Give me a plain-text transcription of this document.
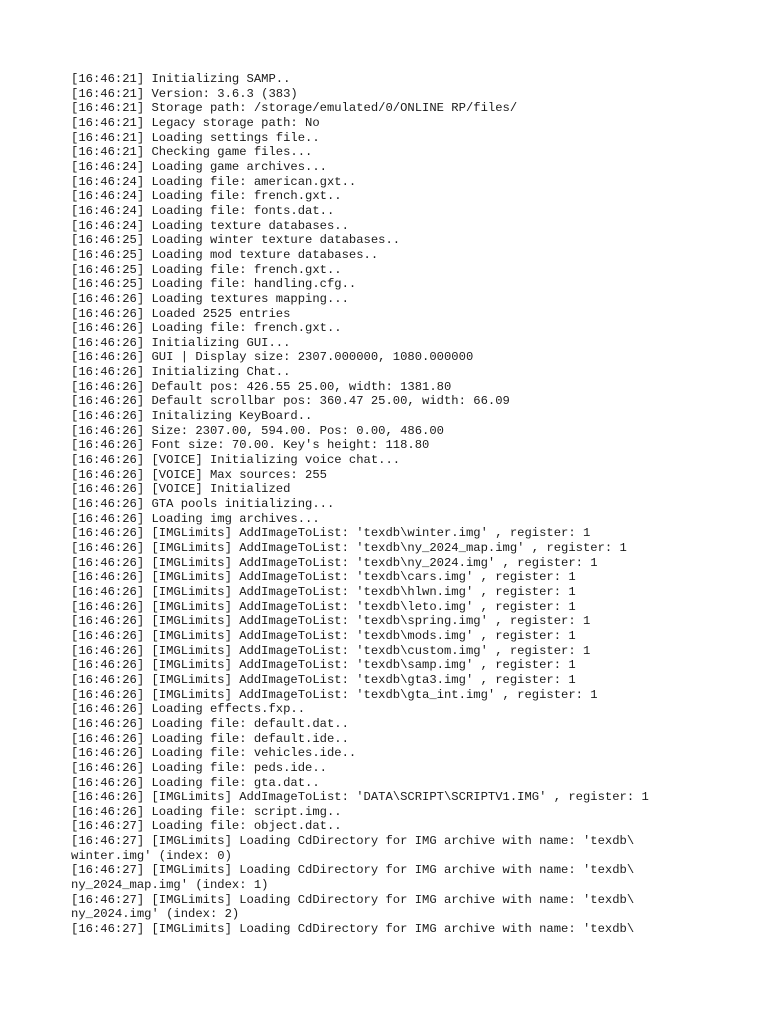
[16:46:21] Initializing SAMP..
[16:46:21] Version: 3.6.3 (383)
[16:46:21] Storage path: /storage/emulated/0/ONLINE RP/files/
[16:46:21] Legacy storage path: No
[16:46:21] Loading settings file..
[16:46:21] Checking game files...
[16:46:24] Loading game archives...
[16:46:24] Loading file: american.gxt..
[16:46:24] Loading file: french.gxt..
[16:46:24] Loading file: fonts.dat..
[16:46:24] Loading texture databases..
[16:46:25] Loading winter texture databases..
[16:46:25] Loading mod texture databases..
[16:46:25] Loading file: french.gxt..
[16:46:25] Loading file: handling.cfg..
[16:46:26] Loading textures mapping...
[16:46:26] Loaded 2525 entries
[16:46:26] Loading file: french.gxt..
[16:46:26] Initializing GUI...
[16:46:26] GUI | Display size: 2307.000000, 1080.000000
[16:46:26] Initializing Chat..
[16:46:26] Default pos: 426.55 25.00, width: 1381.80
[16:46:26] Default scrollbar pos: 360.47 25.00, width: 66.09
[16:46:26] Initalizing KeyBoard..
[16:46:26] Size: 2307.00, 594.00. Pos: 0.00, 486.00
[16:46:26] Font size: 70.00. Key's height: 118.80
[16:46:26] [VOICE] Initializing voice chat...
[16:46:26] [VOICE] Max sources: 255
[16:46:26] [VOICE] Initialized
[16:46:26] GTA pools initializing...
[16:46:26] Loading img archives...
[16:46:26] [IMGLimits] AddImageToList: 'texdb\winter.img' , register: 1
[16:46:26] [IMGLimits] AddImageToList: 'texdb\ny_2024_map.img' , register: 1
[16:46:26] [IMGLimits] AddImageToList: 'texdb\ny_2024.img' , register: 1
[16:46:26] [IMGLimits] AddImageToList: 'texdb\cars.img' , register: 1
[16:46:26] [IMGLimits] AddImageToList: 'texdb\hlwn.img' , register: 1
[16:46:26] [IMGLimits] AddImageToList: 'texdb\leto.img' , register: 1
[16:46:26] [IMGLimits] AddImageToList: 'texdb\spring.img' , register: 1
[16:46:26] [IMGLimits] AddImageToList: 'texdb\mods.img' , register: 1
[16:46:26] [IMGLimits] AddImageToList: 'texdb\custom.img' , register: 1
[16:46:26] [IMGLimits] AddImageToList: 'texdb\samp.img' , register: 1
[16:46:26] [IMGLimits] AddImageToList: 'texdb\gta3.img' , register: 1
[16:46:26] [IMGLimits] AddImageToList: 'texdb\gta_int.img' , register: 1
[16:46:26] Loading effects.fxp..
[16:46:26] Loading file: default.dat..
[16:46:26] Loading file: default.ide..
[16:46:26] Loading file: vehicles.ide..
[16:46:26] Loading file: peds.ide..
[16:46:26] Loading file: gta.dat..
[16:46:26] [IMGLimits] AddImageToList: 'DATA\SCRIPT\SCRIPTV1.IMG' , register: 1
[16:46:26] Loading file: script.img..
[16:46:27] Loading file: object.dat..
[16:46:27] [IMGLimits] Loading CdDirectory for IMG archive with name: 'texdb\
winter.img' (index: 0)
[16:46:27] [IMGLimits] Loading CdDirectory for IMG archive with name: 'texdb\
ny_2024_map.img' (index: 1)
[16:46:27] [IMGLimits] Loading CdDirectory for IMG archive with name: 'texdb\
ny_2024.img' (index: 2)
[16:46:27] [IMGLimits] Loading CdDirectory for IMG archive with name: 'texdb\
